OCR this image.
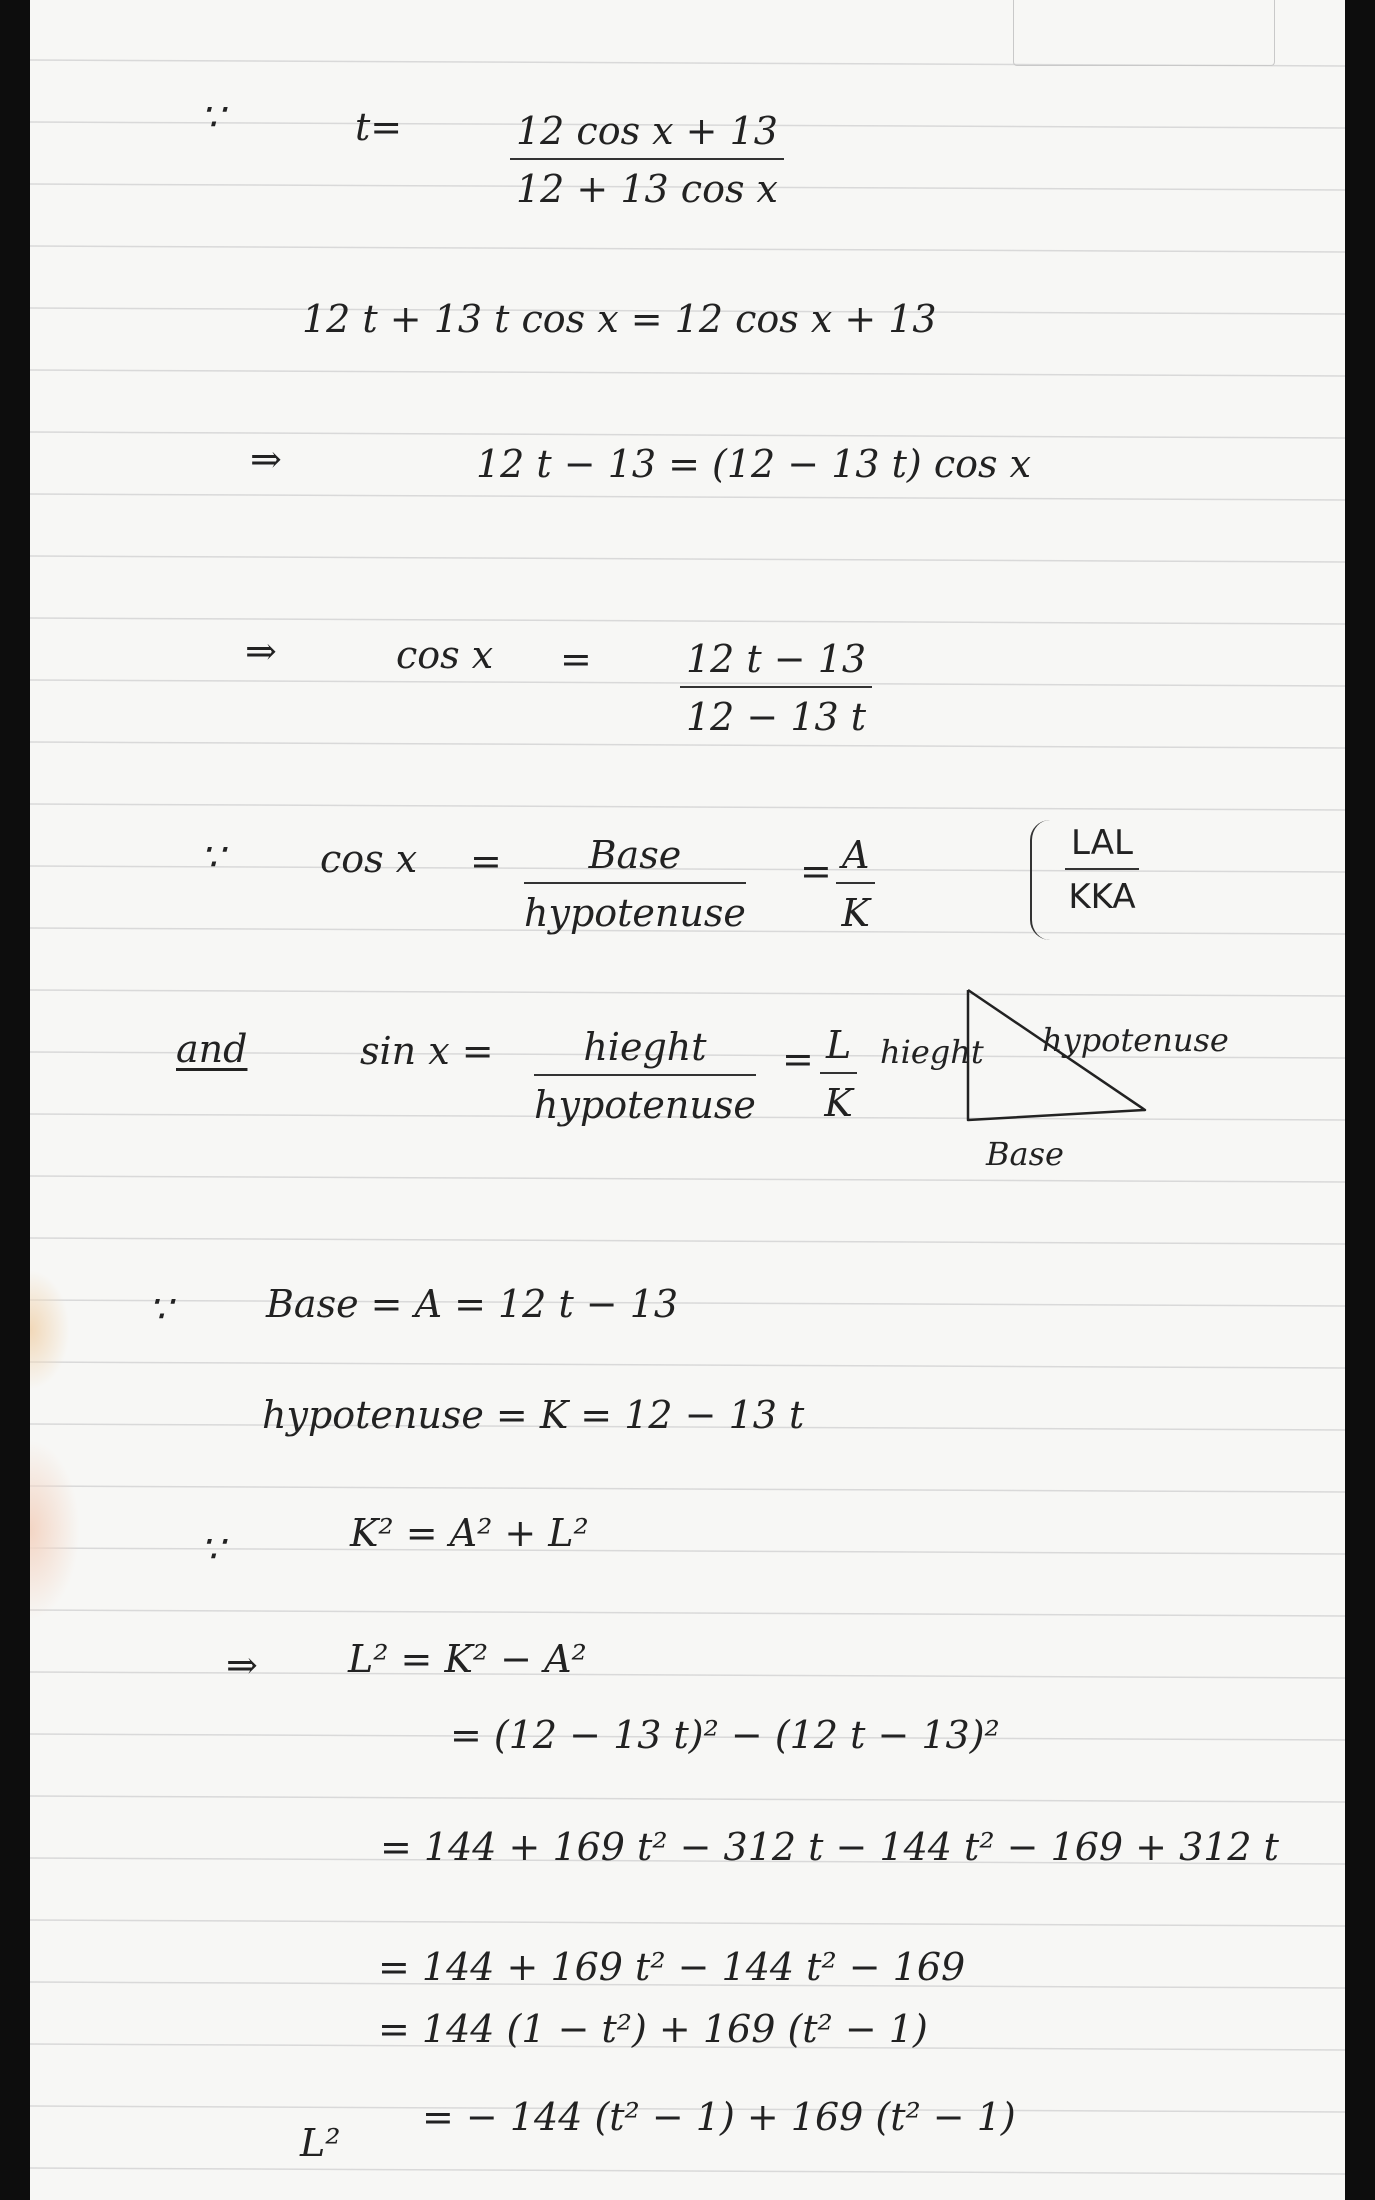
∵	t=	$\frac{\text{12 cos x + 13}}{\text{12 + 13 cos x}}$
12 t + 13 t cos x = 12 cos x + 13
⇒	12 t − 13 = (12 − 13 t) cos x
⇒	$\cos x = \frac{12 t - 13}{12 - 13 t}$
∵	cos x =	Base
hypotenuse
= $\frac{A}{K}$	LAL
KKA
and	sin x =	hieght
hypotenuse
= $\frac{L}{K}$ hieght hypotenuse
Base
∵ Base = A = 12 t − 13
hypotenuse = K = 12 − 13 t
∵	K² = A² + L²
⇒ L² = K² − A²
= (12 − 13 t)² − (12 t − 13)²
= 144 + 169 t² − 312 t − 144 t² − 169 + 312 t
= 144 + 169 t² − 144 t² − 169
= 144 (1 − t²) + 169 (t² − 1)
L²
= − 144 (t² − 1) + 169 (t² − 1)
